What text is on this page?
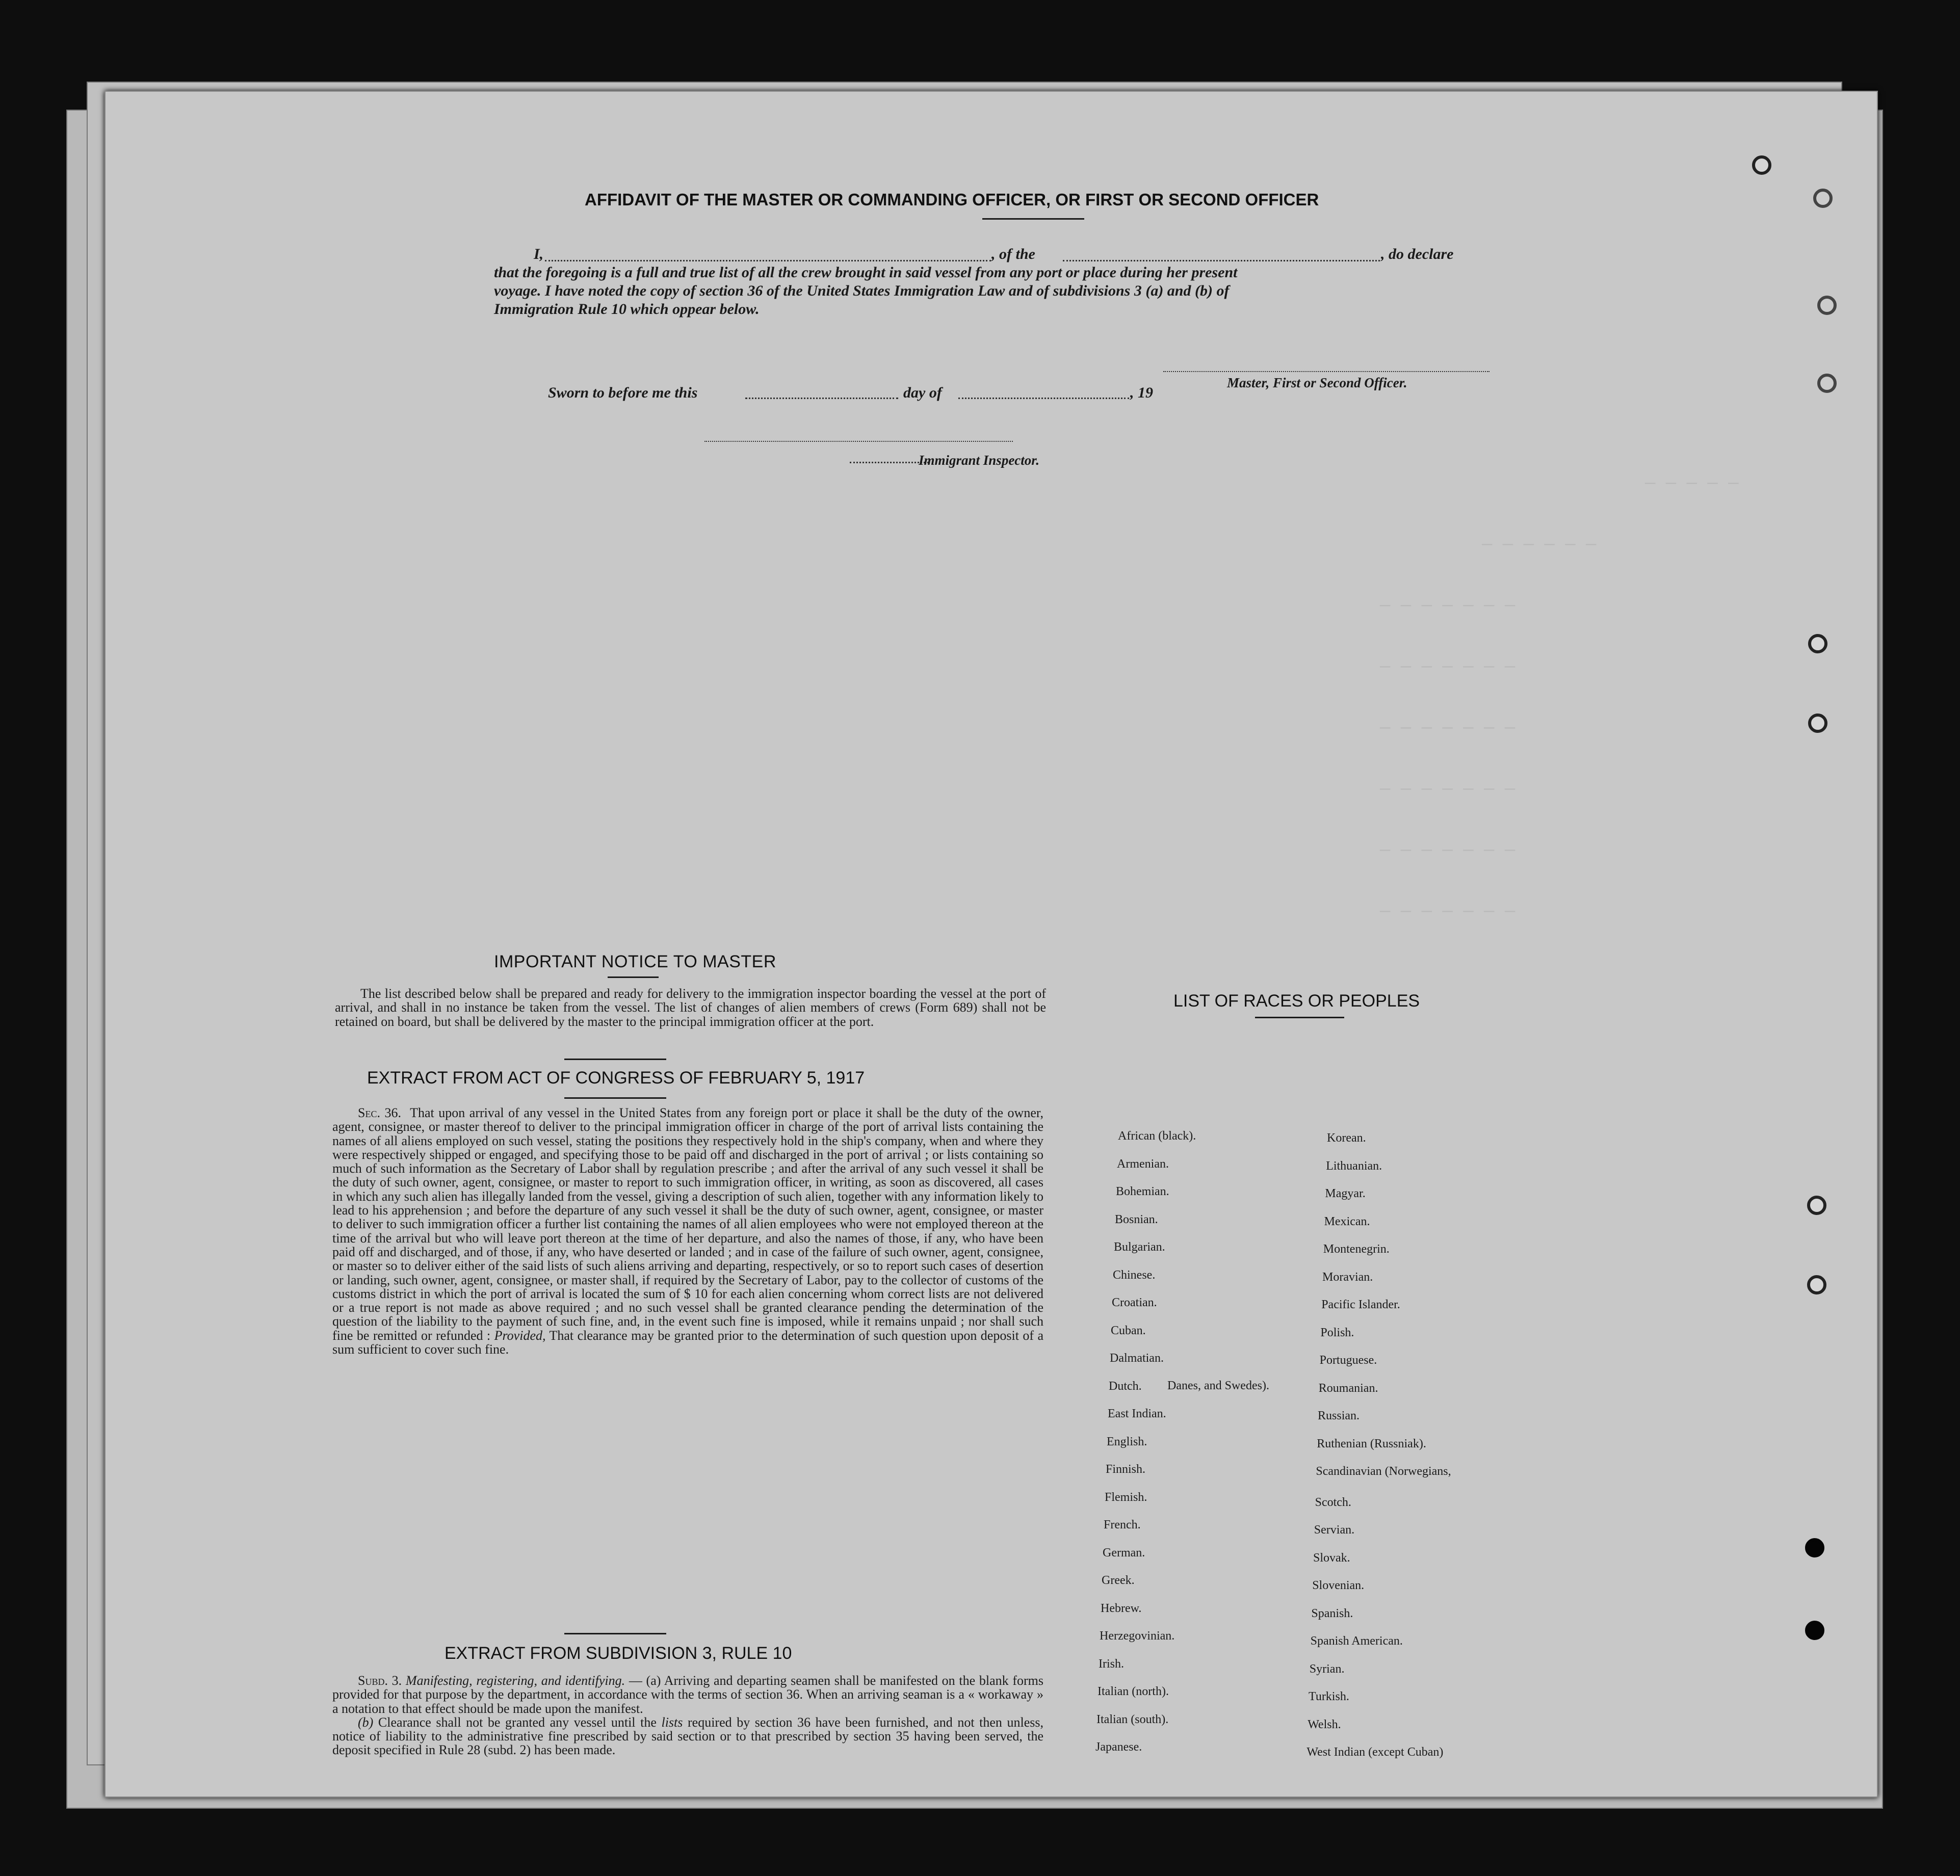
— — — — —
— — — — — —
— — — — — — —
— — — — — — —
— — — — — — —
— — — — — — —
— — — — — — —
— — — — — — —
AFFIDAVIT OF THE MASTER OR COMMANDING OFFICER, OR FIRST OR SECOND OFFICER
I,	, of the	, do declare
that the foregoing is a full and true list of all the crew brought in said vessel from any port or place during her present
voyage. I have noted the copy of section 36 of the United States Immigration Law and of subdivisions 3 (a) and (b) of
Immigration Rule 10 which oppear below.
Master, First or Second Officer.
Sworn to before me this	day of	, 19
Immigrant Inspector.
IMPORTANT NOTICE TO MASTER

The list described below shall be prepared and ready for delivery to the immigration inspector boarding the vessel at the port of arrival, and shall in no instance be taken from the vessel. The list of changes of alien members of crews (Form 689) shall not be retained on board, but shall be delivered by the master to the principal immigration officer at the port.

EXTRACT FROM ACT OF CONGRESS OF FEBRUARY 5, 1917

Sec. 36. That upon arrival of any vessel in the United States from any foreign port or place it shall be the duty of the owner, agent, consignee, or master thereof to deliver to the principal immigration officer in charge of the port of arrival lists containing the names of all aliens employed on such vessel, stating the positions they respectively hold in the ship's company, when and where they were respectively shipped or engaged, and specifying those to be paid off and discharged in the port of arrival ; or lists containing so much of such information as the Secretary of Labor shall by regulation prescribe ; and after the arrival of any such vessel it shall be the duty of such owner, agent, consignee, or master to report to such immigration officer, in writing, as soon as discovered, all cases in which any such alien has illegally landed from the vessel, giving a description of such alien, together with any information likely to lead to his apprehension ; and before the departure of any such vessel it shall be the duty of such owner, agent, consignee, or master to deliver to such immigration officer a further list containing the names of all alien employees who were not employed thereon at the time of the arrival but who will leave port thereon at the time of her departure, and also the names of those, if any, who have been paid off and discharged, and of those, if any, who have deserted or landed ; and in case of the failure of such owner, agent, consignee, or master so to deliver either of the said lists of such aliens arriving and departing, respectively, or so to report such cases of desertion or landing, such owner, agent, consignee, or master shall, if required by the Secretary of Labor, pay to the collector of customs of the customs district in which the port of arrival is located the sum of $ 10 for each alien concerning whom correct lists are not delivered or a true report is not made as above required ; and no such vessel shall be granted clearance pending the determination of the question of the liability to the payment of such fine, and, in the event such fine is imposed, while it remains unpaid ; nor shall such fine be remitted or refunded : Provided, That clearance may be granted prior to the determination of such question upon deposit of a sum sufficient to cover such fine.

EXTRACT FROM SUBDIVISION 3, RULE 10

Subd. 3. Manifesting, registering, and identifying. — (a) Arriving and departing seamen shall be manifested on the blank forms provided for that purpose by the department, in accordance with the terms of section 36. When an arriving seaman is a « workaway » a notation to that effect should be made upon the manifest.

(b) Clearance shall not be granted any vessel until the lists required by section 36 have been furnished, and not then unless, notice of liability to the administrative fine prescribed by said section or to that prescribed by section 35 having been served, the deposit specified in Rule 28 (subd. 2) has been made.

LIST OF RACES OR PEOPLES
Danes, and Swedes).
African (black).
Armenian.
Bohemian.
Bosnian.
Bulgarian.
Chinese.
Croatian.
Cuban.
Dalmatian.
Dutch.
East Indian.
English.
Finnish.
Flemish.
French.
German.
Greek.
Hebrew.
Herzegovinian.
Irish.
Italian (north).
Italian (south).
Japanese.
Korean.
Lithuanian.
Magyar.
Mexican.
Montenegrin.
Moravian.
Pacific Islander.
Polish.
Portuguese.
Roumanian.
Russian.
Ruthenian (Russniak).
Scandinavian (Norwegians,
Scotch.
Servian.
Slovak.
Slovenian.
Spanish.
Spanish American.
Syrian.
Turkish.
Welsh.
West Indian (except Cuban)
